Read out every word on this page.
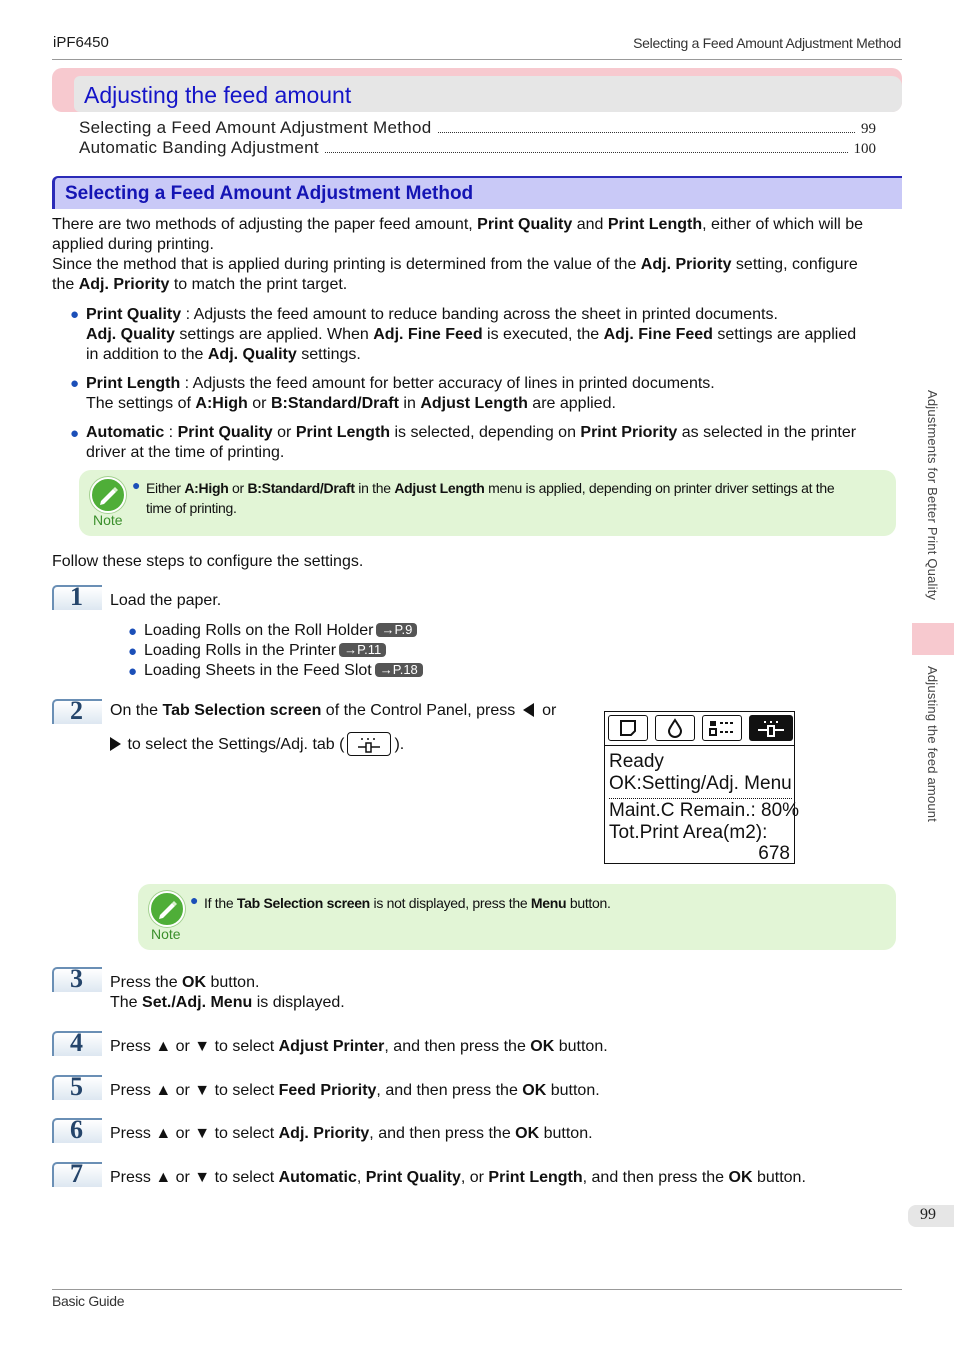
iPF6450	Selecting a Feed Amount Adjustment Method
Adjusting the feed amount
Selecting a Feed Amount Adjustment Method	99
Automatic Banding Adjustment	100
Selecting a Feed Amount Adjustment Method
There are two methods of adjusting the paper feed amount, Print Quality and Print Length, either of which will be
applied during printing.
Since the method that is applied during printing is determined from the value of the Adj. Priority setting, configure
the Adj. Priority to match the print target.
● Print Quality : Adjusts the feed amount to reduce banding across the sheet in printed documents.
Adj. Quality settings are applied. When Adj. Fine Feed is executed, the Adj. Fine Feed settings are applied
in addition to the Adj. Quality settings.
● Print Length : Adjusts the feed amount for better accuracy of lines in printed documents.
The settings of A:High or B:Standard/Draft in Adjust Length are applied.
● Automatic : Print Quality or Print Length is selected, depending on Print Priority as selected in the printer
driver at the time of printing.
Note
● Either A:High or B:Standard/Draft in the Adjust Length menu is applied, depending on printer driver settings at the
time of printing.
Follow these steps to configure the settings.
1 Load the paper.
● Loading Rolls on the Roll Holder →P.9
● Loading Rolls in the Printer →P.11
● Loading Sheets in the Feed Slot →P.18
2 On the Tab Selection screen of the Control Panel, press  or
to select the Settings/Adj. tab (	).
Ready
OK:Setting/Adj. Menu
Maint.C Remain.: 80%
Tot.Print Area(m2):
678
Note
● If the Tab Selection screen is not displayed, press the Menu button.
3 Press the OK button.
The Set./Adj. Menu is displayed.
4 Press ▲ or ▼ to select Adjust Printer, and then press the OK button.
5 Press ▲ or ▼ to select Feed Priority, and then press the OK button.
6 Press ▲ or ▼ to select Adj. Priority, and then press the OK button.
7 Press ▲ or ▼ to select Automatic, Print Quality, or Print Length, and then press the OK button.
Adjustments for Better Print Quality
Adjusting the feed amount
99
Basic Guide
